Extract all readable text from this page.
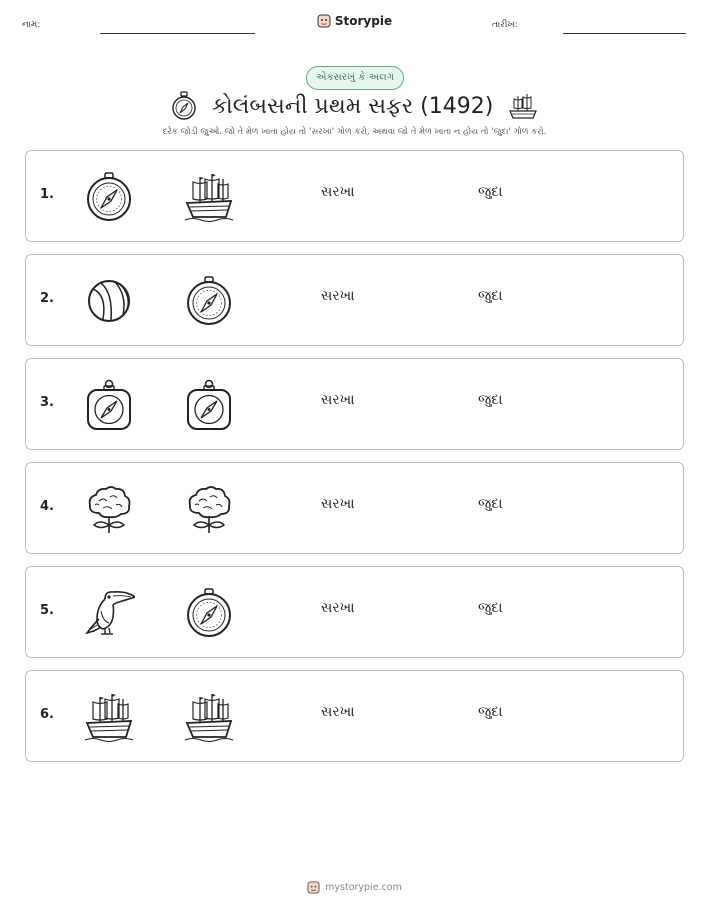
નામ:	Storypie	તારીખ:
એકસરખું કે અલગ
કોલંબસની પ્રથમ સફર (1492)
દરેક જોડી જુઓ. જો તે મેળ ખાતા હોય તો 'સરખા' ગોળ કરો, અથવા જો તે મેળ ખાતા ન હોય તો 'જુદા' ગોળ કરો.
1.	સરખા	જુદા
2.	સરખા	જુદા
3.	સરખા	જુદા
4.	સરખા	જુદા
5.	સરખા	જુદા
6.	સરખા	જુદા
mystorypie.com
